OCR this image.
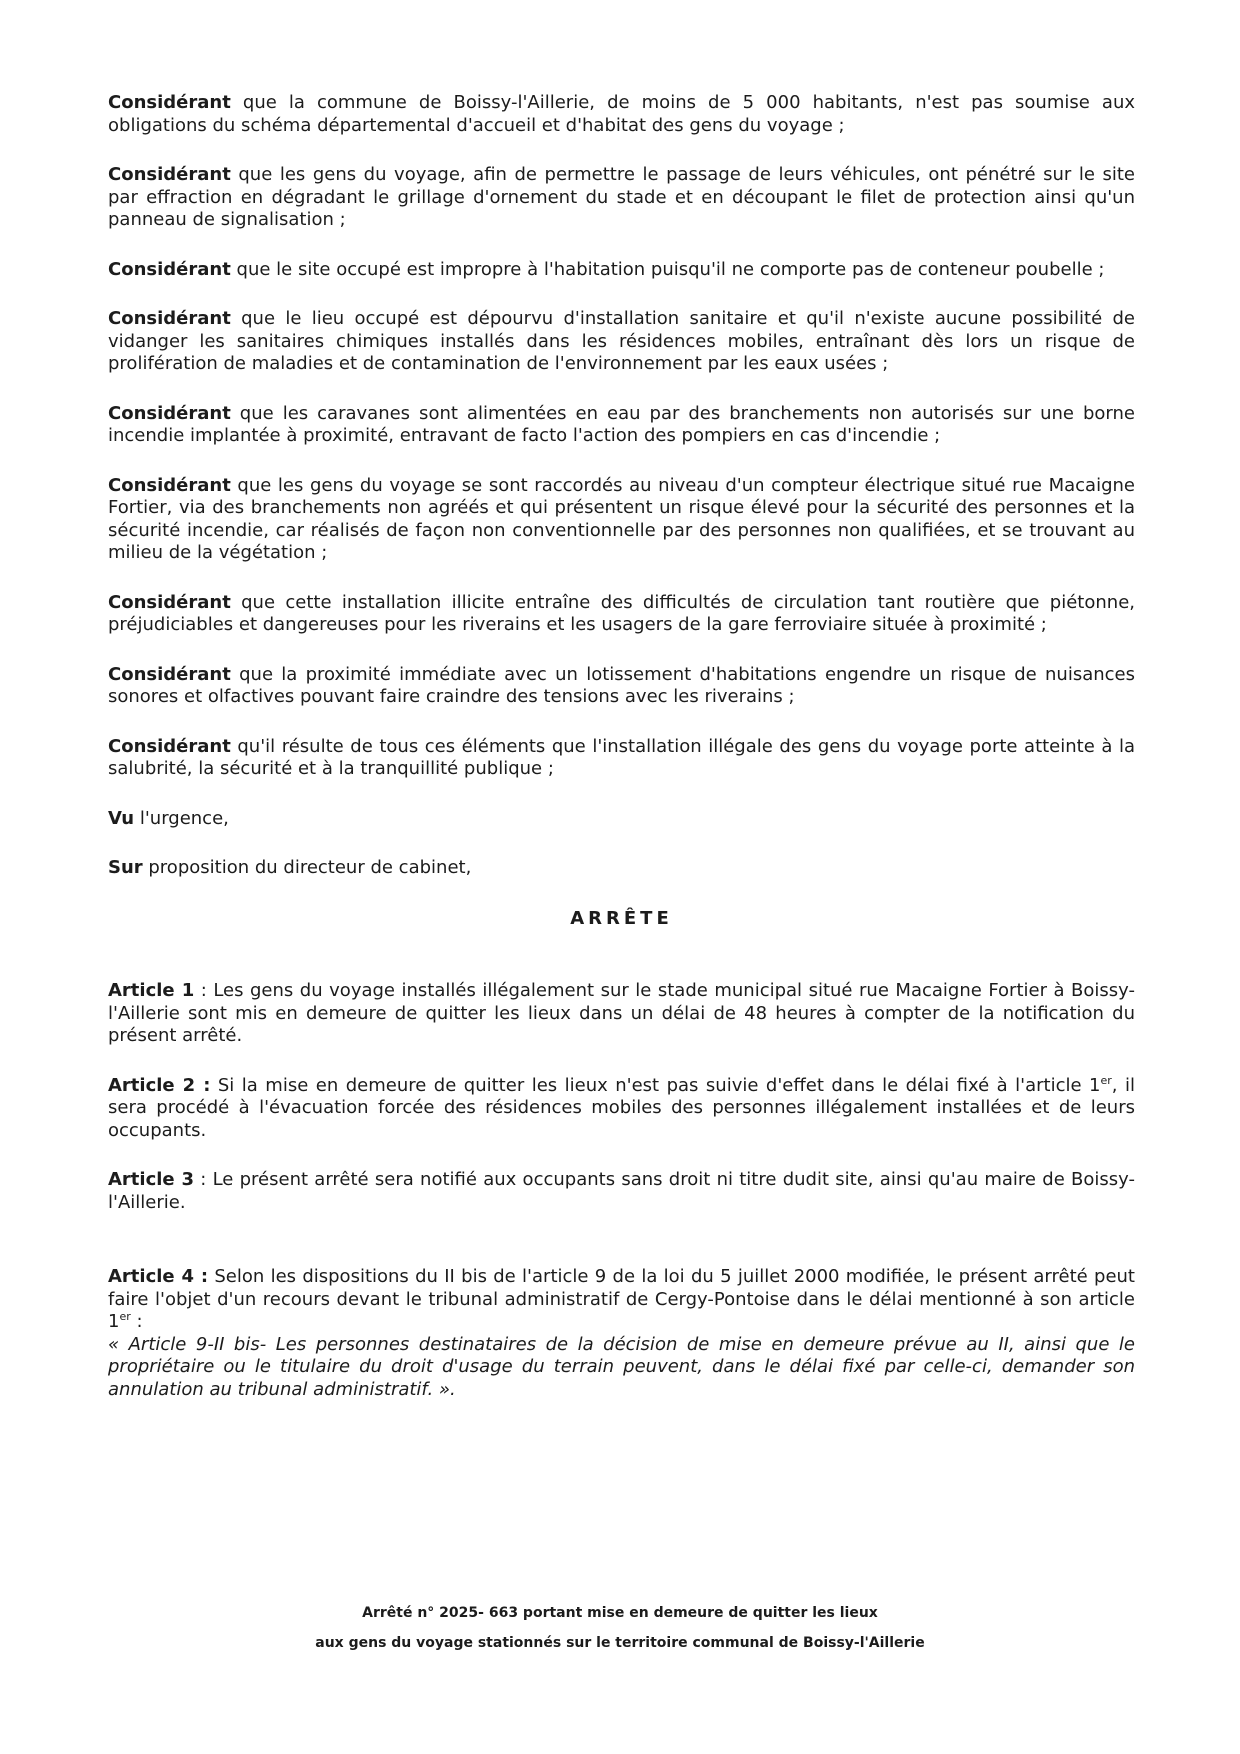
Considérant que la commune de Boissy-l'Aillerie, de moins de 5 000 habitants, n'est pas soumise aux obligations du schéma départemental d'accueil et d'habitat des gens du voyage ;

Considérant que les gens du voyage, afin de permettre le passage de leurs véhicules, ont pénétré sur le site par effraction en dégradant le grillage d'ornement du stade et en découpant le filet de protection ainsi qu'un panneau de signalisation ;

Considérant que le site occupé est impropre à l'habitation puisqu'il ne comporte pas de conteneur poubelle ;

Considérant que le lieu occupé est dépourvu d'installation sanitaire et qu'il n'existe aucune possibilité de vidanger les sanitaires chimiques installés dans les résidences mobiles, entraînant dès lors un risque de prolifération de maladies et de contamination de l'environnement par les eaux usées ;

Considérant que les caravanes sont alimentées en eau par des branchements non autorisés sur une borne incendie implantée à proximité, entravant de facto l'action des pompiers en cas d'incendie ;

Considérant que les gens du voyage se sont raccordés au niveau d'un compteur électrique situé rue Macaigne Fortier, via des branchements non agréés et qui présentent un risque élevé pour la sécurité des personnes et la sécurité incendie, car réalisés de façon non conventionnelle par des personnes non qualifiées, et se trouvant au milieu de la végétation ;

Considérant que cette installation illicite entraîne des difficultés de circulation tant routière que piétonne, préjudiciables et dangereuses pour les riverains et les usagers de la gare ferroviaire située à proximité ;

Considérant que la proximité immédiate avec un lotissement d'habitations engendre un risque de nuisances sonores et olfactives pouvant faire craindre des tensions avec les riverains ;

Considérant qu'il résulte de tous ces éléments que l'installation illégale des gens du voyage porte atteinte à la salubrité, la sécurité et à la tranquillité publique ;

Vu l'urgence,

Sur proposition du directeur de cabinet,

ARRÊTE

Article 1 : Les gens du voyage installés illégalement sur le stade municipal situé rue Macaigne Fortier à Boissy-l'Aillerie sont mis en demeure de quitter les lieux dans un délai de 48 heures à compter de la notification du présent arrêté.

Article 2 : Si la mise en demeure de quitter les lieux n'est pas suivie d'effet dans le délai fixé à l'article 1er, il sera procédé à l'évacuation forcée des résidences mobiles des personnes illégalement installées et de leurs occupants.

Article 3 : Le présent arrêté sera notifié aux occupants sans droit ni titre dudit site, ainsi qu'au maire de Boissy-l'Aillerie.

Article 4 : Selon les dispositions du II bis de l'article 9 de la loi du 5 juillet 2000 modifiée, le présent arrêté peut faire l'objet d'un recours devant le tribunal administratif de Cergy-Pontoise dans le délai mentionné à son article 1er :
« Article 9-II bis- Les personnes destinataires de la décision de mise en demeure prévue au II, ainsi que le propriétaire ou le titulaire du droit d'usage du terrain peuvent, dans le délai fixé par celle-ci, demander son annulation au tribunal administratif. ».

Arrêté n° 2025- 663 portant mise en demeure de quitter les lieux
aux gens du voyage stationnés sur le territoire communal de Boissy-l'Aillerie
